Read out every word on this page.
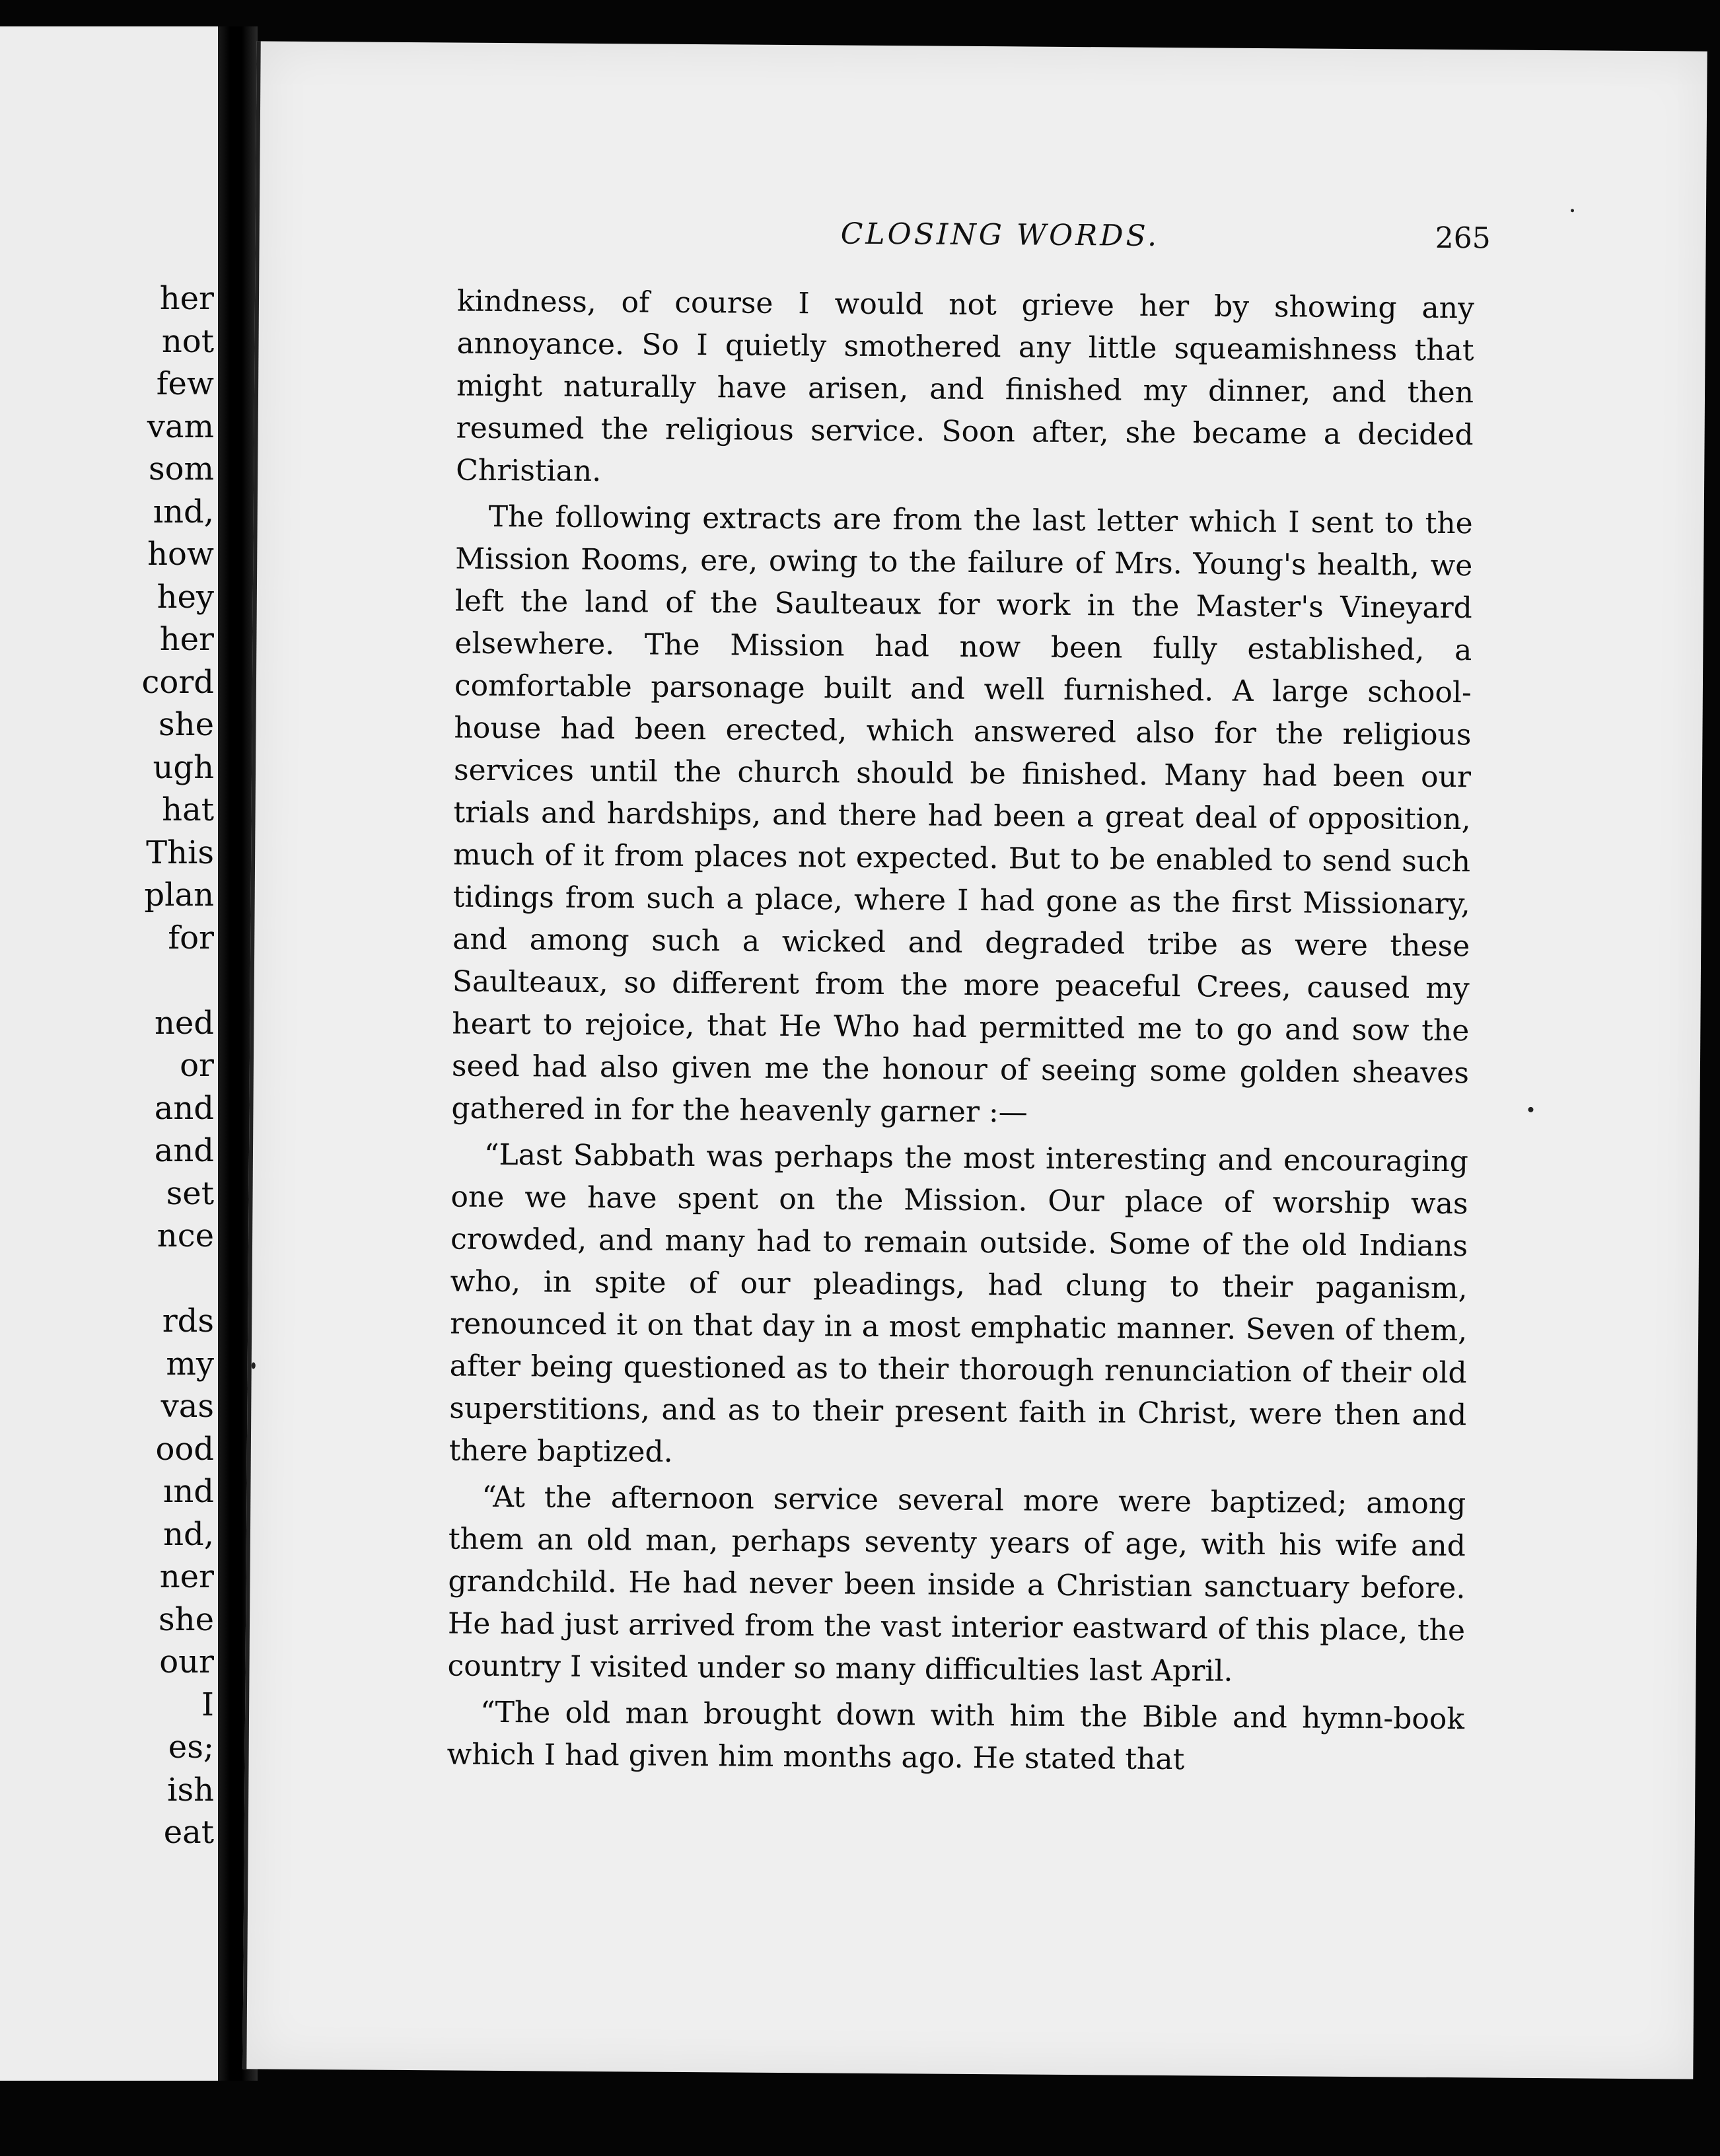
her
not
few
vam
som
ınd,
how
hey
her
cord
she
ugh
hat
This
plan
for
ned
or
and
and
set
nce
rds
my
vas
ood
ınd
nd,
ner
she
our
I
es;
ish
eat
CLOSING WORDS.	265

kindness, of course I would not grieve her by showing any annoyance. So I quietly smothered any little squeamishness that might naturally have arisen, and finished my dinner, and then resumed the religious service. Soon after, she became a decided Christian.

The following extracts are from the last letter which I sent to the Mission Rooms, ere, owing to the failure of Mrs. Young's health, we left the land of the Saulteaux for work in the Master's Vineyard elsewhere. The Mission had now been fully established, a comfortable parsonage built and well furnished. A large school-house had been erected, which answered also for the religious services until the church should be finished. Many had been our trials and hardships, and there had been a great deal of opposition, much of it from places not expected. But to be enabled to send such tidings from such a place, where I had gone as the first Missionary, and among such a wicked and degraded tribe as were these Saulteaux, so different from the more peaceful Crees, caused my heart to rejoice, that He Who had permitted me to go and sow the seed had also given me the honour of seeing some golden sheaves gathered in for the heavenly garner :—

“Last Sabbath was perhaps the most interesting and encouraging one we have spent on the Mission. Our place of worship was crowded, and many had to remain outside. Some of the old Indians who, in spite of our pleadings, had clung to their paganism, renounced it on that day in a most emphatic manner. Seven of them, after being questioned as to their thorough renunciation of their old superstitions, and as to their present faith in Christ, were then and there baptized.

“At the afternoon service several more were baptized; among them an old man, perhaps seventy years of age, with his wife and grandchild. He had never been inside a Christian sanctuary before. He had just arrived from the vast interior eastward of this place, the country I visited under so many difficulties last April.

“The old man brought down with him the Bible and hymn-book which I had given him months ago. He stated that
